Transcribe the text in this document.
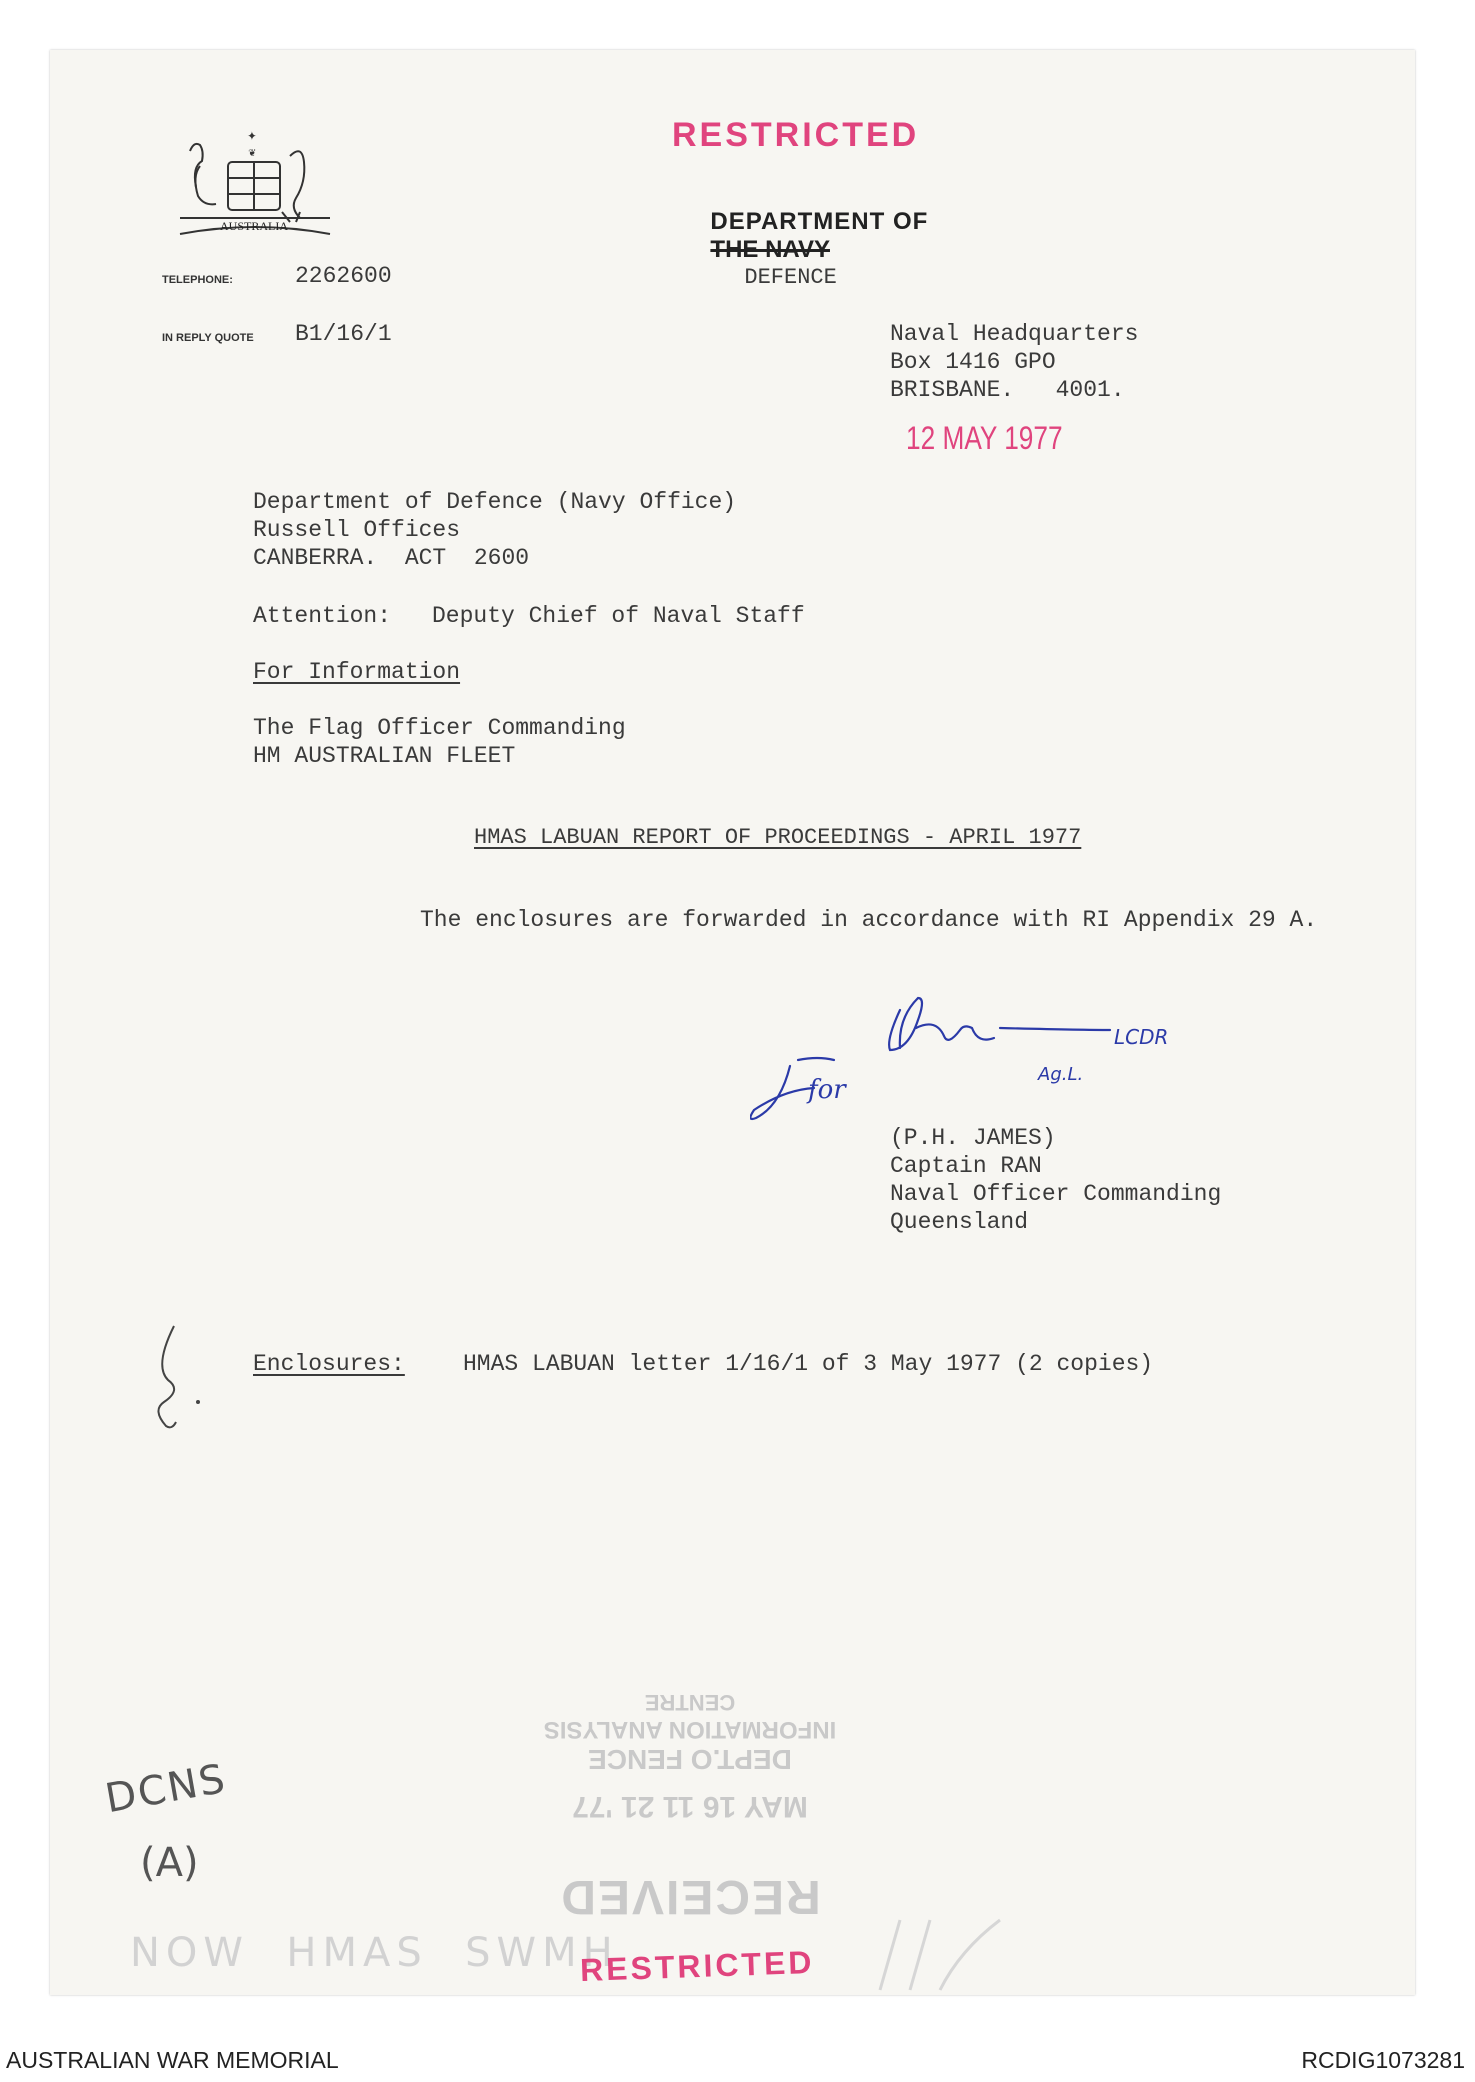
✦
❦
AUSTRALIA
RESTRICTED

DEPARTMENT OF
THE NAVY
DEFENCE

TELEPHONE:	2262600
IN REPLY QUOTE B1/16/1	Naval Headquarters
Box 1416 GPO
BRISBANE.   4001.
12 MAY 1977
Department of Defence (Navy Office)
Russell Offices
CANBERRA.  ACT  2600
Attention: Deputy Chief of Naval Staff
For Information
The Flag Officer Commanding
HM AUSTRALIAN FLEET
HMAS LABUAN REPORT OF PROCEEDINGS - APRIL 1977
The enclosures are forwarded in accordance with RI Appendix 29 A.
for
LCDR
Ag.L.
(P.H. JAMES)
Captain RAN
Naval Officer Commanding
Queensland
Enclosures:	HMAS LABUAN letter 1/16/1 of 3 May 1977 (2 copies)
RECEIVED
MAY 16 11 21 '77
DEPT.O FENCE
INFORMATION ANALYSIS
CENTRE
DCNS
(A)
NOW  HMAS  SWMH
RESTRICTED
AUSTRALIAN WAR MEMORIAL	RCDIG1073281
